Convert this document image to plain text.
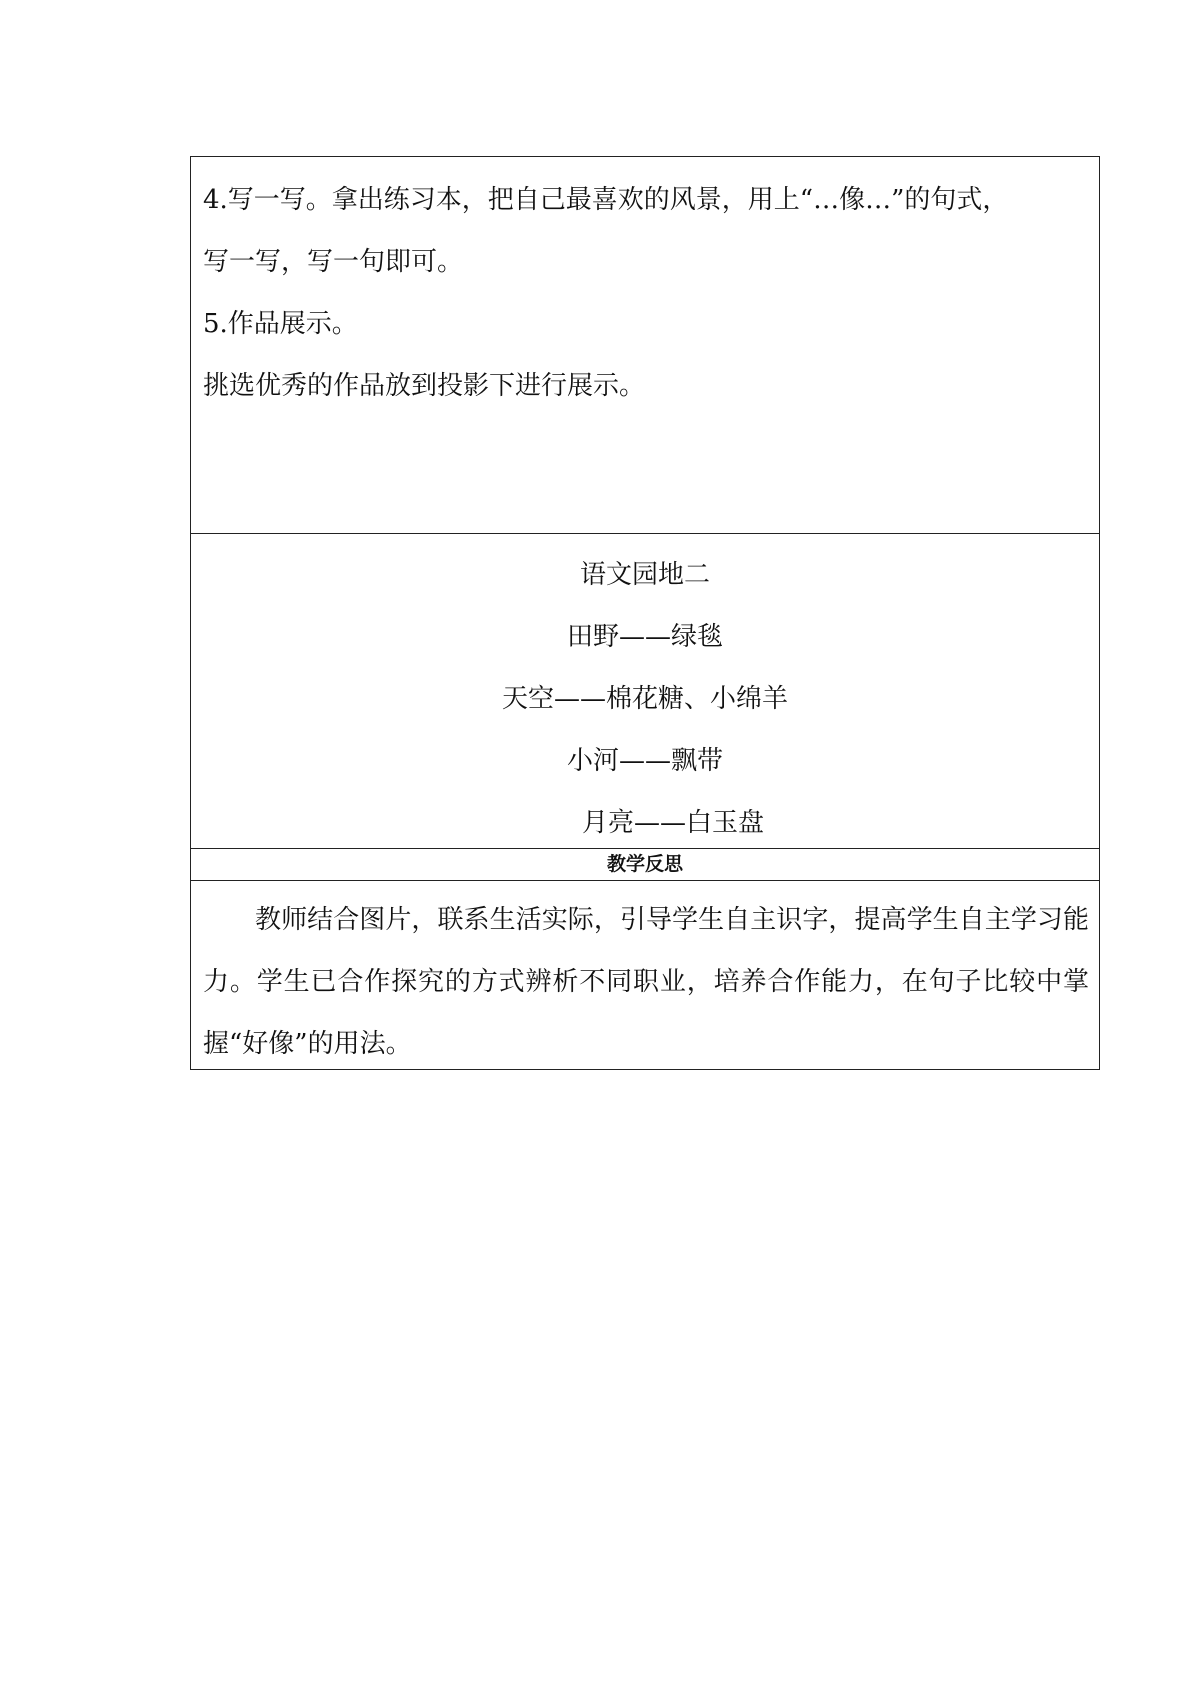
4.写一写。拿出练习本，把自己最喜欢的风景，用上“…像…”的句式，

写一写，写一句即可。

5.作品展示。

挑选优秀的作品放到投影下进行展示。

语文园地二

田野——绿毯

天空——棉花糖、小绵羊

小河——飘带

月亮——白玉盘

教学反思

教师结合图片，联系生活实际，引导学生自主识字，提高学生自主学习能力。学生已合作探究的方式辨析不同职业，培养合作能力，在句子比较中掌握“好像”的用法。
